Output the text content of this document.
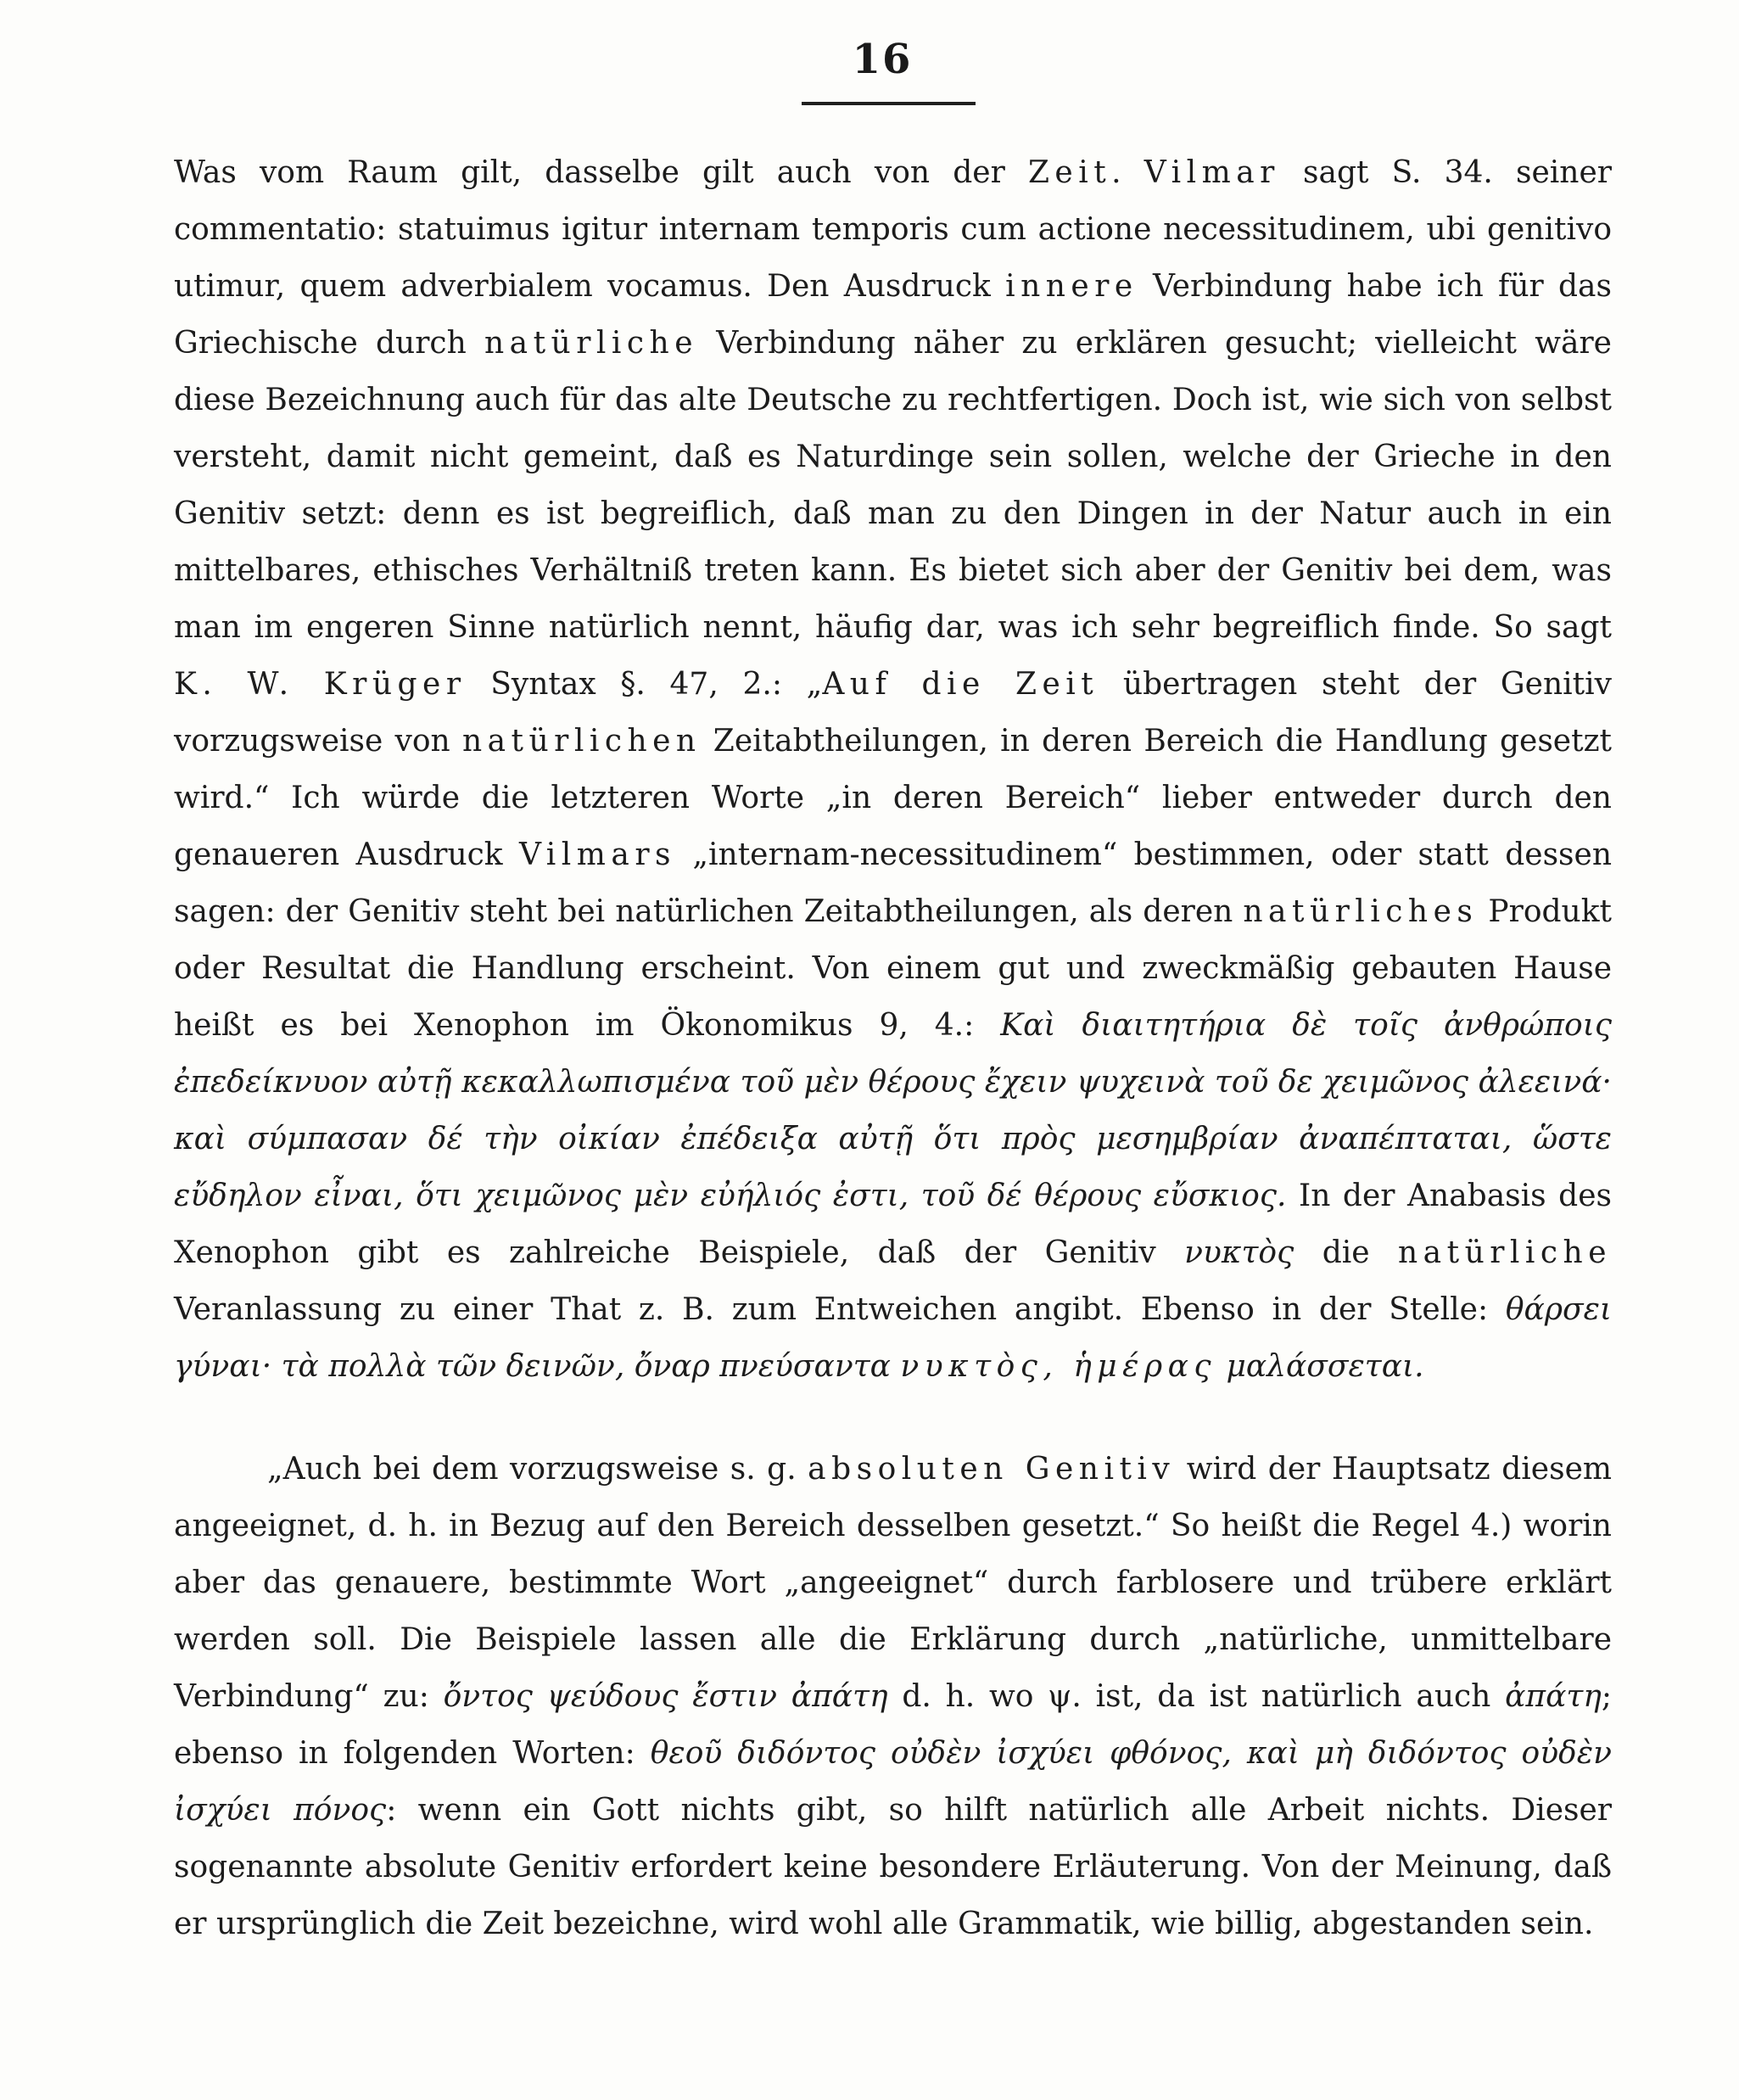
16

Was vom Raum gilt, dasselbe gilt auch von der Zeit. Vilmar sagt S. 34. seiner commentatio: statuimus igitur internam temporis cum actione necessitudinem, ubi genitivo utimur, quem adverbialem vocamus. Den Ausdruck innere Verbindung habe ich für das Griechische durch natürliche Verbindung näher zu erklären gesucht; vielleicht wäre diese Bezeichnung auch für das alte Deutsche zu rechtfertigen. Doch ist, wie sich von selbst versteht, damit nicht gemeint, daß es Naturdinge sein sollen, welche der Grieche in den Genitiv setzt: denn es ist begreiflich, daß man zu den Dingen in der Natur auch in ein mittelbares, ethisches Verhältniß treten kann. Es bietet sich aber der Genitiv bei dem, was man im engeren Sinne natürlich nennt, häufig dar, was ich sehr begreiflich finde. So sagt K. W. Krüger Syntax §. 47, 2.: „Auf die Zeit übertragen steht der Genitiv vorzugsweise von natürlichen Zeitabtheilungen, in deren Bereich die Handlung gesetzt wird.“ Ich würde die letzteren Worte „in deren Bereich“ lieber entweder durch den genaueren Ausdruck Vilmars „internam-necessitudinem“ bestimmen, oder statt dessen sagen: der Genitiv steht bei natürlichen Zeitabtheilungen, als deren natürliches Produkt oder Resultat die Handlung erscheint. Von einem gut und zweckmäßig gebauten Hause heißt es bei Xenophon im Ökonomikus 9, 4.: Καὶ διαιτητήρια δὲ τοῖς ἀνθρώποις ἐπεδείκνυον αὐτῇ κεκαλλωπισμένα τοῦ μὲν θέρους ἔχειν ψυχεινὰ τοῦ δε χειμῶνος ἀλεεινά· καὶ σύμπασαν δέ τὴν οἰκίαν ἐπέδειξα αὐτῇ ὅτι πρὸς μεσημβρίαν ἀναπέπταται, ὥστε εὔδηλον εἶναι, ὅτι χειμῶνος μὲν εὐήλιός ἐστι, τοῦ δέ θέρους εὔσκιος. In der Anabasis des Xenophon gibt es zahlreiche Beispiele, daß der Genitiv νυκτὸς die natürliche Veranlassung zu einer That z. B. zum Entweichen angibt. Ebenso in der Stelle: θάρσει γύναι· τὰ πολλὰ τῶν δεινῶν, ὄναρ πνεύσαντα νυκτὸς, ἡμέρας μαλάσσεται.

„Auch bei dem vorzugsweise s. g. absoluten Genitiv wird der Hauptsatz diesem angeeignet, d. h. in Bezug auf den Bereich desselben gesetzt.“ So heißt die Regel 4.) worin aber das genauere, bestimmte Wort „angeeignet“ durch farblosere und trübere erklärt werden soll. Die Beispiele lassen alle die Erklärung durch „natürliche, unmittelbare Verbindung“ zu: ὄντος ψεύδους ἔστιν ἀπάτη d. h. wo ψ. ist, da ist natürlich auch ἀπάτη; ebenso in folgenden Worten: θεοῦ διδόντος οὐδὲν ἰσχύει φθόνος, καὶ μὴ διδόντος οὐδὲν ἰσχύει πόνος: wenn ein Gott nichts gibt, so hilft natürlich alle Arbeit nichts. Dieser sogenannte absolute Genitiv erfordert keine besondere Erläuterung. Von der Meinung, daß er ursprünglich die Zeit bezeichne, wird wohl alle Grammatik, wie billig, abgestanden sein.
